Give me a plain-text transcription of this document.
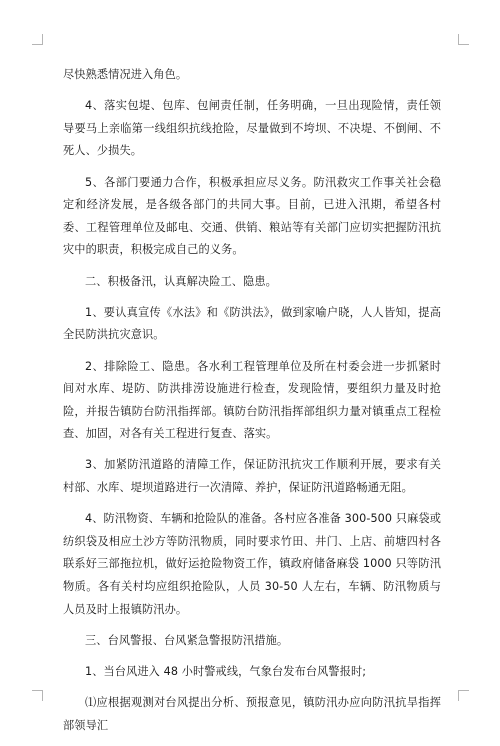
尽快熟悉情况进入角色。

4、落实包堤、包库、包闸责任制，任务明确，一旦出现险情，责任领导要马上亲临第一线组织抗线抢险，尽量做到不垮坝、不决堤、不倒闸、不死人、少损失。

5、各部门要通力合作，积极承担应尽义务。防汛救灾工作事关社会稳定和经济发展，是各级各部门的共同大事。目前，已进入汛期，希望各村委、工程管理单位及邮电、交通、供销、粮站等有关部门应切实把握防汛抗灾中的职责，积极完成自己的义务。

二、积极备汛，认真解决险工、隐患。

1、要认真宣传《水法》和《防洪法》，做到家喻户晓，人人皆知，提高全民防洪抗灾意识。

2、排除险工、隐患。各水利工程管理单位及所在村委会进一步抓紧时间对水库、堤防、防洪排涝设施进行检查，发现险情，要组织力量及时抢险，并报告镇防台防汛指挥部。镇防台防汛指挥部组织力量对镇重点工程检查、加固，对各有关工程进行复查、落实。

3、加紧防汛道路的清障工作，保证防汛抗灾工作顺利开展，要求有关村部、水库、堤坝道路进行一次清障、养护，保证防汛道路畅通无阻。

4、防汛物资、车辆和抢险队的准备。各村应各准备 300-500 只麻袋或纺织袋及相应土沙方等防汛物质，同时要求竹田、井门、上店、前塘四村各联系好三部拖拉机，做好运抢险物资工作，镇政府储备麻袋 1000 只等防汛物质。各有关村均应组织抢险队，人员 30-50 人左右，车辆、防汛物质与人员及时上报镇防汛办。

三、台风警报、台风紧急警报防汛措施。

1、当台风进入 48 小时警戒线，气象台发布台风警报时;

⑴应根据观测对台风提出分析、预报意见，镇防汛办应向防汛抗旱指挥部领导汇
